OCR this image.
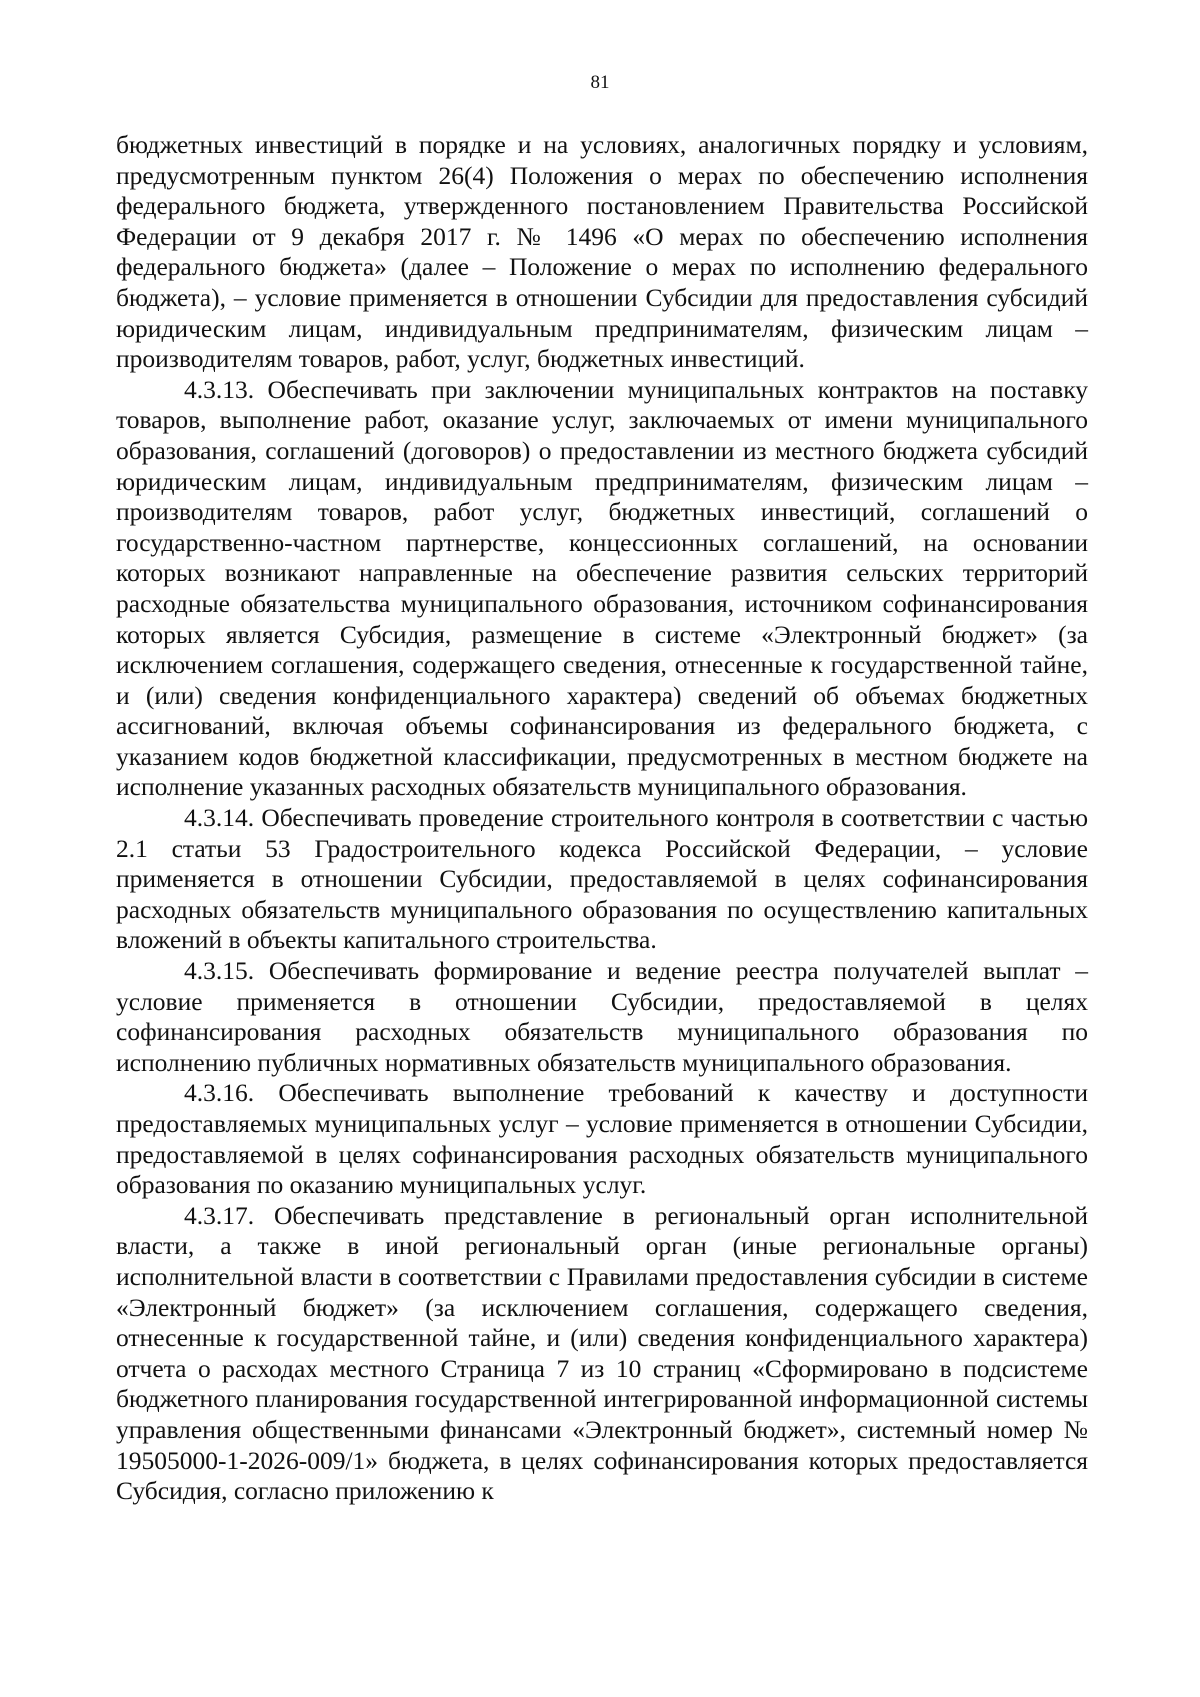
81

бюджетных инвестиций в порядке и на условиях, аналогичных порядку и условиям, предусмотренным пунктом 26(4) Положения о мерах по обеспечению исполнения федерального бюджета, утвержденного постановлением Правительства Российской Федерации от 9 декабря 2017 г. № 1496 «О мерах по обеспечению исполнения федерального бюджета» (далее – Положение о мерах по исполнению федерального бюджета), – условие применяется в отношении Субсидии для предоставления субсидий юридическим лицам, индивидуальным предпринимателям, физическим лицам – производителям товаров, работ, услуг, бюджетных инвестиций.

4.3.13. Обеспечивать при заключении муниципальных контрактов на поставку товаров, выполнение работ, оказание услуг, заключаемых от имени муниципального образования, соглашений (договоров) о предоставлении из местного бюджета субсидий юридическим лицам, индивидуальным предпринимателям, физическим лицам – производителям товаров, работ услуг, бюджетных инвестиций, соглашений о государственно-частном партнерстве, концессионных соглашений, на основании которых возникают направленные на обеспечение развития сельских территорий расходные обязательства муниципального образования, источником софинансирования которых является Субсидия, размещение в системе «Электронный бюджет» (за исключением соглашения, содержащего сведения, отнесенные к государственной тайне, и (или) сведения конфиденциального характера) сведений об объемах бюджетных ассигнований, включая объемы софинансирования из федерального бюджета, с указанием кодов бюджетной классификации, предусмотренных в местном бюджете на исполнение указанных расходных обязательств муниципального образования.

4.3.14. Обеспечивать проведение строительного контроля в соответствии с частью 2.1 статьи 53 Градостроительного кодекса Российской Федерации, – условие применяется в отношении Субсидии, предоставляемой в целях софинансирования расходных обязательств муниципального образования по осуществлению капитальных вложений в объекты капитального строительства.

4.3.15. Обеспечивать формирование и ведение реестра получателей выплат – условие применяется в отношении Субсидии, предоставляемой в целях софинансирования расходных обязательств муниципального образования по исполнению публичных нормативных обязательств муниципального образования.

4.3.16. Обеспечивать выполнение требований к качеству и доступности предоставляемых муниципальных услуг – условие применяется в отношении Субсидии, предоставляемой в целях софинансирования расходных обязательств муниципального образования по оказанию муниципальных услуг.

4.3.17. Обеспечивать представление в региональный орган исполнительной власти, а также в иной региональный орган (иные региональные органы) исполнительной власти в соответствии с Правилами предоставления субсидии в системе «Электронный бюджет» (за исключением соглашения, содержащего сведения, отнесенные к государственной тайне, и (или) сведения конфиденциального характера) отчета о расходах местного Страница 7 из 10 страниц «Сформировано в подсистеме бюджетного планирования государственной интегрированной информационной системы управления общественными финансами «Электронный бюджет», системный номер № 19505000-1-2026-009/1» бюджета, в целях софинансирования которых предоставляется Субсидия, согласно приложению к
